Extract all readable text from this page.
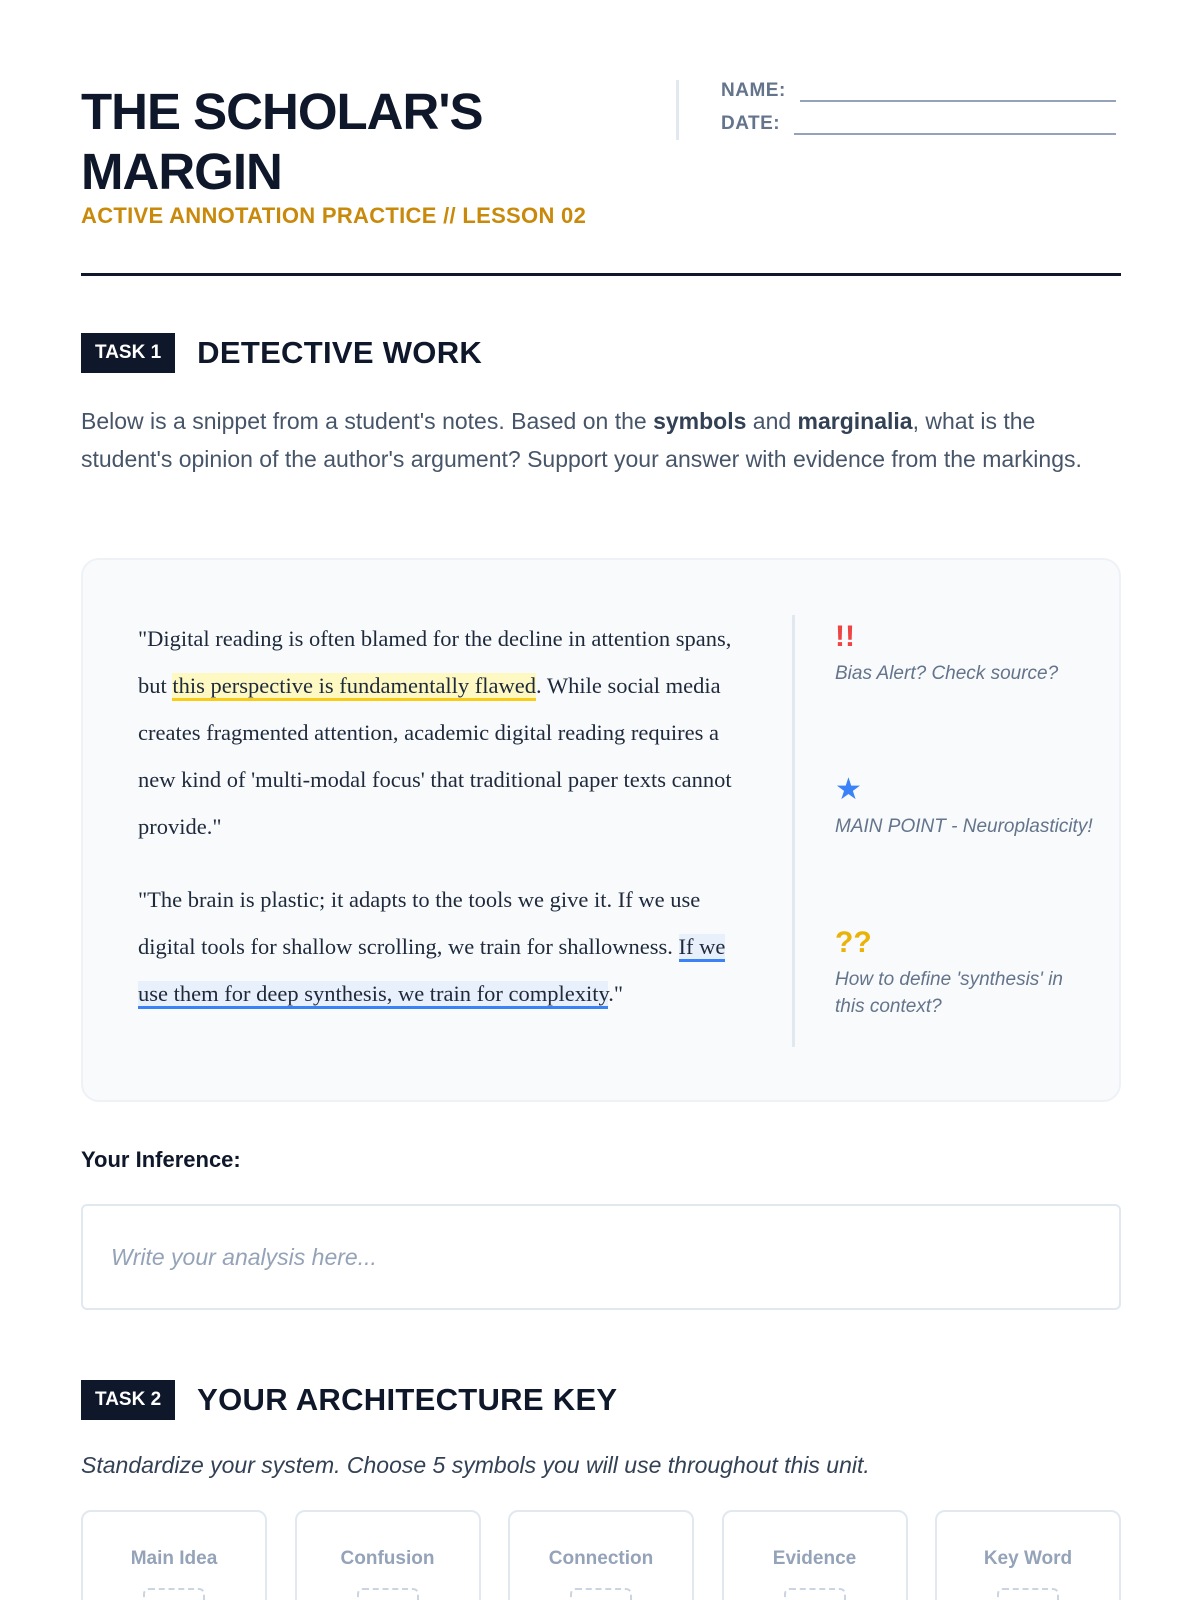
THE SCHOLAR'S
MARGIN
ACTIVE ANNOTATION PRACTICE // LESSON 02
NAME:
DATE:
TASK 1	DETECTIVE WORK
Below is a snippet from a student's notes. Based on the symbols and marginalia, what is the student's opinion of the author's argument? Support your answer with evidence from the markings.

"Digital reading is often blamed for the decline in attention spans, but this perspective is fundamentally flawed. While social media creates fragmented attention, academic digital reading requires a new kind of 'multi-modal focus' that traditional paper texts cannot provide."

"The brain is plastic; it adapts to the tools we give it. If we use digital tools for shallow scrolling, we train for shallowness. If we use them for deep synthesis, we train for complexity."

!!
Bias Alert? Check source?
★
MAIN POINT - Neuroplasticity!
??
How to define 'synthesis' in this context?
Your Inference:
Write your analysis here...
TASK 2	YOUR ARCHITECTURE KEY
Standardize your system. Choose 5 symbols you will use throughout this unit.
Main Idea	Confusion	Connection	Evidence	Key Word
